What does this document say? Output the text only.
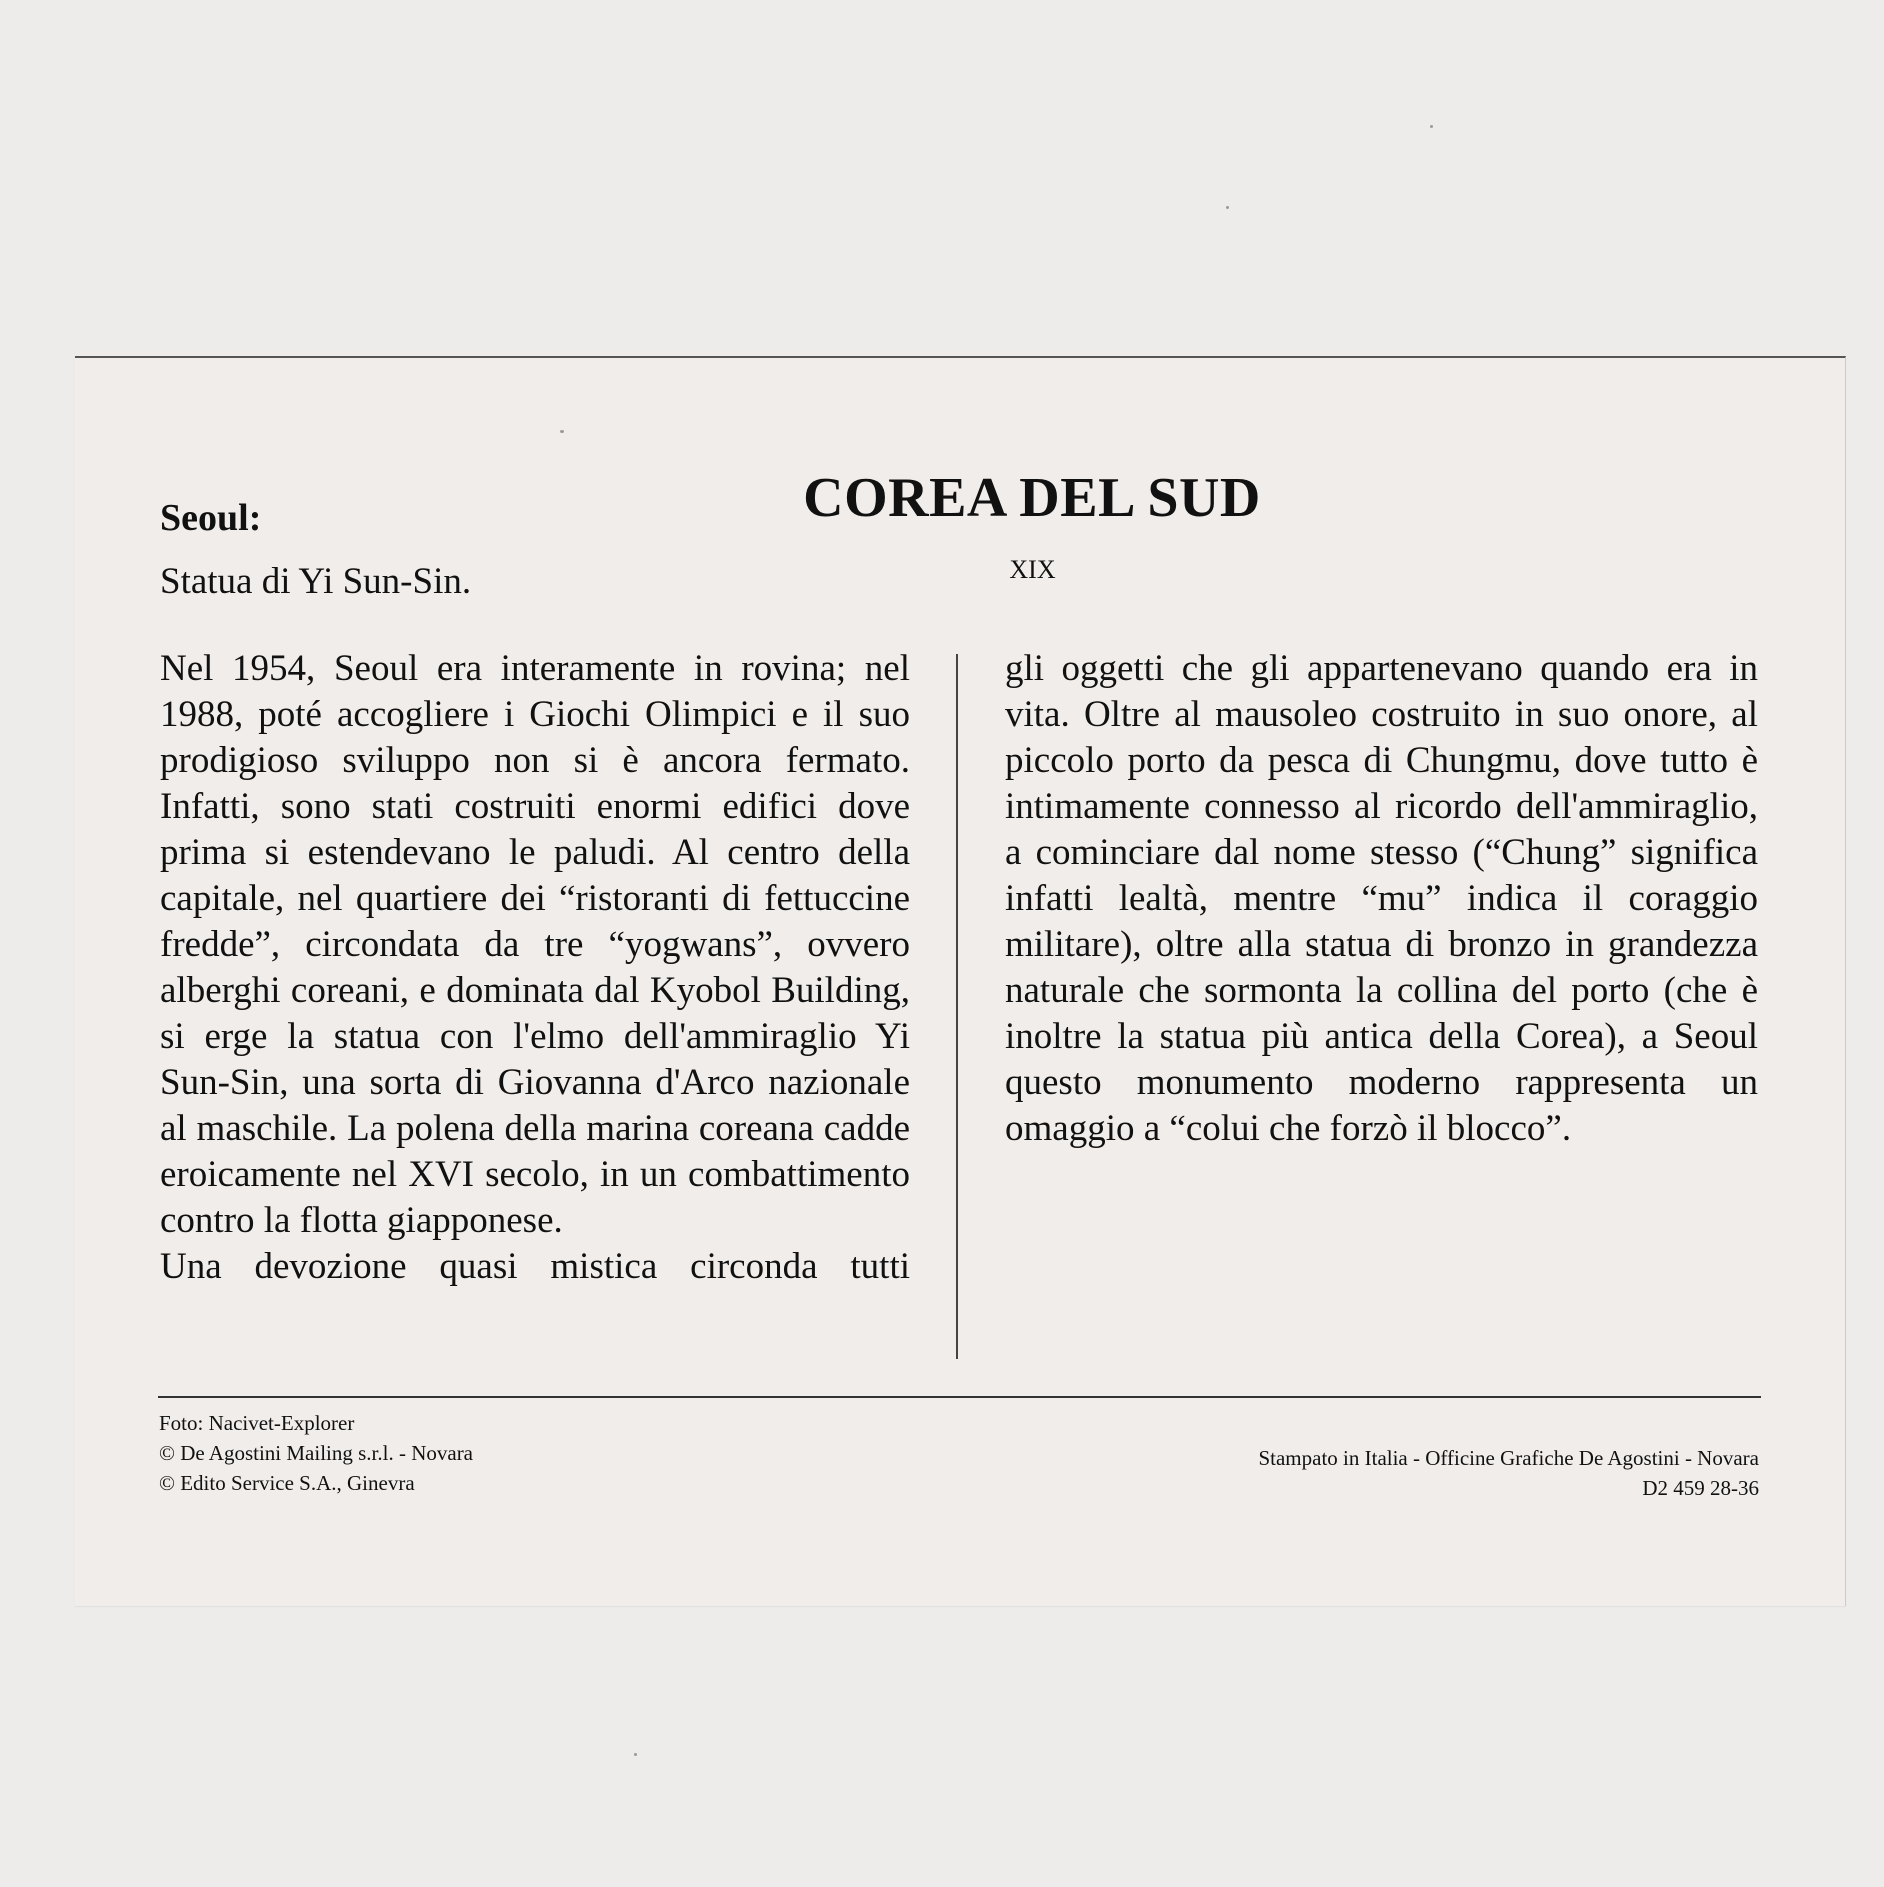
Seoul:

Statua di Yi Sun-Sin.

COREA DEL SUD
XIX

Nel 1954, Seoul era interamente in rovina; nel 1988, poté accogliere i Giochi Olimpici e il suo prodigioso sviluppo non si è ancora fermato. Infatti, sono stati costruiti enormi edifici dove prima si estendevano le paludi. Al centro della capitale, nel quartiere dei “ristoranti di fettuccine fredde”, circondata da tre “yogwans”, ovvero alberghi coreani, e dominata dal Kyobol Building, si erge la statua con l'elmo dell'ammiraglio Yi Sun-Sin, una sorta di Giovanna d'Arco nazionale al maschile. La polena della marina coreana cadde eroicamente nel XVI secolo, in un combattimento contro la flotta giapponese.

Una devozione quasi mistica circonda tutti

gli oggetti che gli appartenevano quando era in vita. Oltre al mausoleo costruito in suo onore, al piccolo porto da pesca di Chungmu, dove tutto è intimamente connesso al ricordo dell'ammiraglio, a cominciare dal nome stesso (“Chung” significa infatti lealtà, mentre “mu” indica il coraggio militare), oltre alla statua di bronzo in grandezza naturale che sormonta la collina del porto (che è inoltre la statua più antica della Corea), a Seoul questo monumento moderno rappresenta un omaggio a “colui che forzò il blocco”.

Foto: Nacivet-Explorer
© De Agostini Mailing s.r.l. - Novara
© Edito Service S.A., Ginevra
Stampato in Italia - Officine Grafiche De Agostini - Novara
D2 459 28-36
